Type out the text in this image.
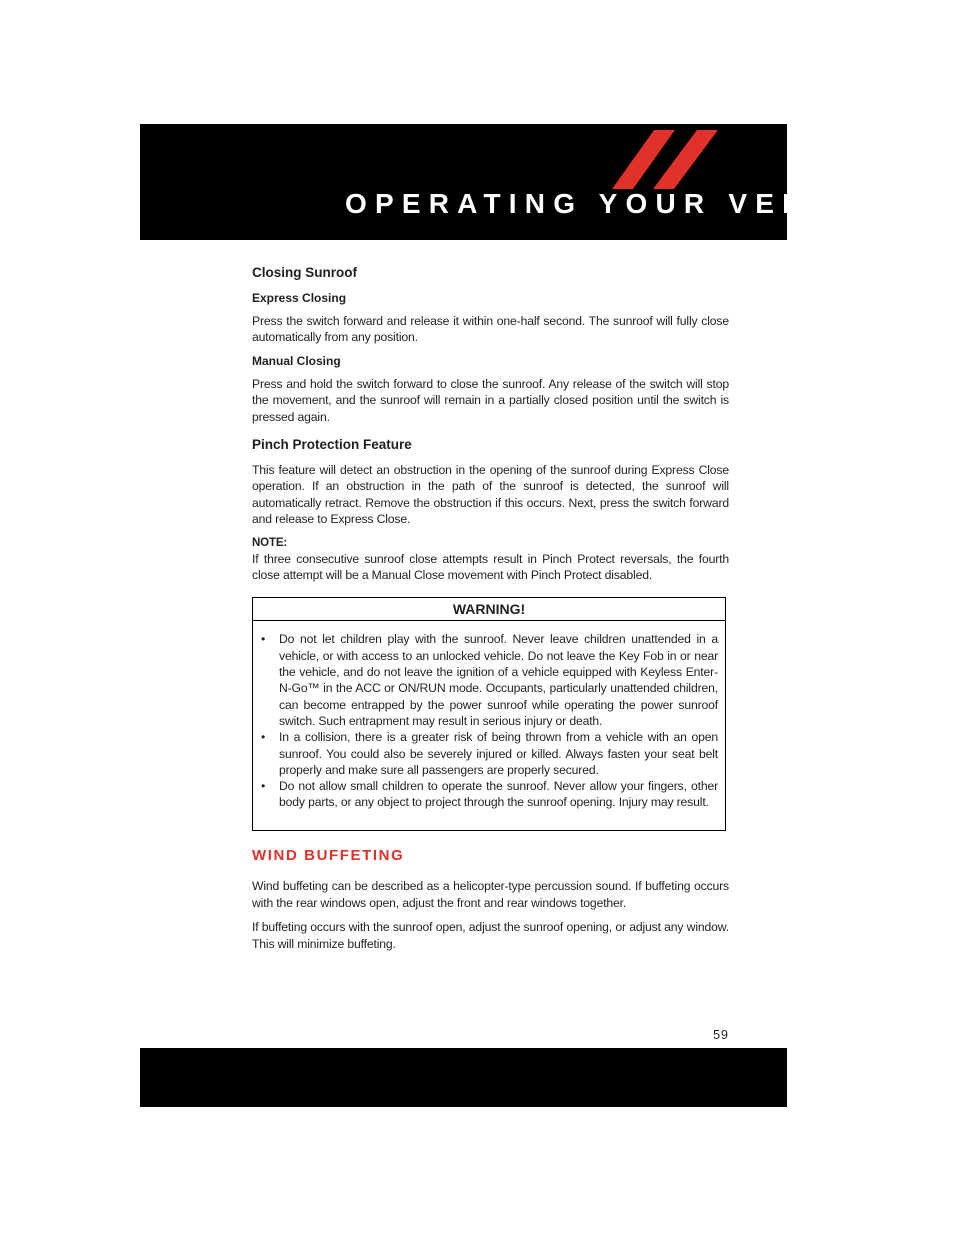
OPERATING YOUR VEHICLE
Closing Sunroof
Express Closing

Press the switch forward and release it within one-half second. The sunroof will fully close automatically from any position.

Manual Closing

Press and hold the switch forward to close the sunroof. Any release of the switch will stop the movement, and the sunroof will remain in a partially closed position until the switch is pressed again.

Pinch Protection Feature

This feature will detect an obstruction in the opening of the sunroof during Express Close operation. If an obstruction in the path of the sunroof is detected, the sunroof will automatically retract. Remove the obstruction if this occurs. Next, press the switch forward and release to Express Close.

NOTE:

If three consecutive sunroof close attempts result in Pinch Protect reversals, the fourth close attempt will be a Manual Close movement with Pinch Protect disabled.

WARNING!
• Do not let children play with the sunroof. Never leave children unattended in a vehicle, or with access to an unlocked vehicle. Do not leave the Key Fob in or near the vehicle, and do not leave the ignition of a vehicle equipped with Keyless Enter-N-Go™ in the ACC or ON/RUN mode. Occupants, particularly unattended children, can become entrapped by the power sunroof while operating the power sunroof switch. Such entrapment may result in serious injury or death.
• In a collision, there is a greater risk of being thrown from a vehicle with an open sunroof. You could also be severely injured or killed. Always fasten your seat belt properly and make sure all passengers are properly secured.
• Do not allow small children to operate the sunroof. Never allow your fingers, other body parts, or any object to project through the sunroof opening. Injury may result.
WIND BUFFETING

Wind buffeting can be described as a helicopter-type percussion sound. If buffeting occurs with the rear windows open, adjust the front and rear windows together.

If buffeting occurs with the sunroof open, adjust the sunroof opening, or adjust any window. This will minimize buffeting.

59
